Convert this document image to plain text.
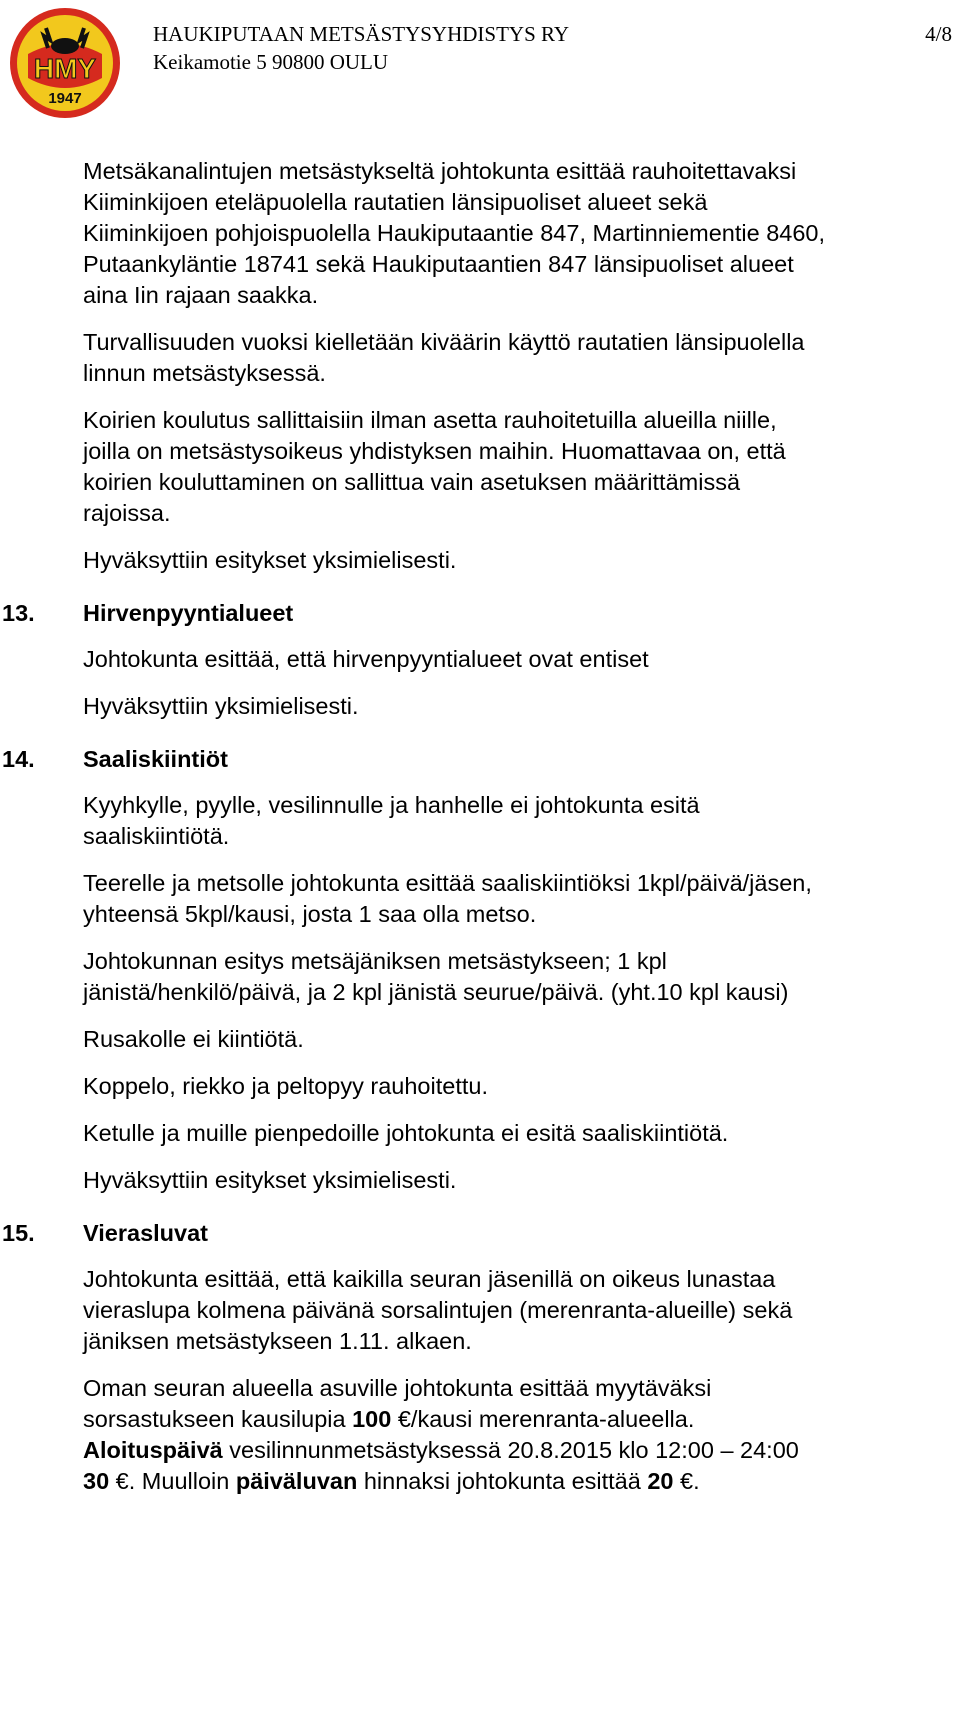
HMY
1947
HAUKIPUTAAN METSÄSTYSYHDISTYS RY
Keikamotie 5 90800 OULU
4/8
Metsäkanalintujen metsästykseltä johtokunta esittää rauhoitettavaksi
Kiiminkijoen eteläpuolella rautatien länsipuoliset alueet sekä
Kiiminkijoen pohjoispuolella Haukiputaantie 847, Martinniementie 8460,
Putaankyläntie 18741 sekä Haukiputaantien 847 länsipuoliset alueet
aina Iin rajaan saakka.
Turvallisuuden vuoksi kielletään kiväärin käyttö rautatien länsipuolella
linnun metsästyksessä.
Koirien koulutus sallittaisiin ilman asetta rauhoitetuilla alueilla niille,
joilla on metsästysoikeus yhdistyksen maihin. Huomattavaa on, että
koirien kouluttaminen on sallittua vain asetuksen määrittämissä
rajoissa.
Hyväksyttiin esitykset yksimielisesti.
13. Hirvenpyyntialueet
Johtokunta esittää, että hirvenpyyntialueet ovat entiset
Hyväksyttiin yksimielisesti.
14. Saaliskiintiöt
Kyyhkylle, pyylle, vesilinnulle ja hanhelle ei johtokunta esitä
saaliskiintiötä.
Teerelle ja metsolle johtokunta esittää saaliskiintiöksi 1kpl/päivä/jäsen,
yhteensä 5kpl/kausi, josta 1 saa olla metso.
Johtokunnan esitys metsäjäniksen metsästykseen; 1 kpl
jänistä/henkilö/päivä, ja 2 kpl jänistä seurue/päivä. (yht.10 kpl kausi)
Rusakolle ei kiintiötä.
Koppelo, riekko ja peltopyy rauhoitettu.
Ketulle ja muille pienpedoille johtokunta ei esitä saaliskiintiötä.
Hyväksyttiin esitykset yksimielisesti.
15. Vierasluvat
Johtokunta esittää, että kaikilla seuran jäsenillä on oikeus lunastaa
vieraslupa kolmena päivänä sorsalintujen (merenranta-alueille) sekä
jäniksen metsästykseen 1.11. alkaen.
Oman seuran alueella asuville johtokunta esittää myytäväksi
sorsastukseen kausilupia 100 €/kausi merenranta-alueella.
Aloituspäivä vesilinnunmetsästyksessä 20.8.2015 klo 12:00 – 24:00
30 €. Muulloin päiväluvan hinnaksi johtokunta esittää 20 €.
